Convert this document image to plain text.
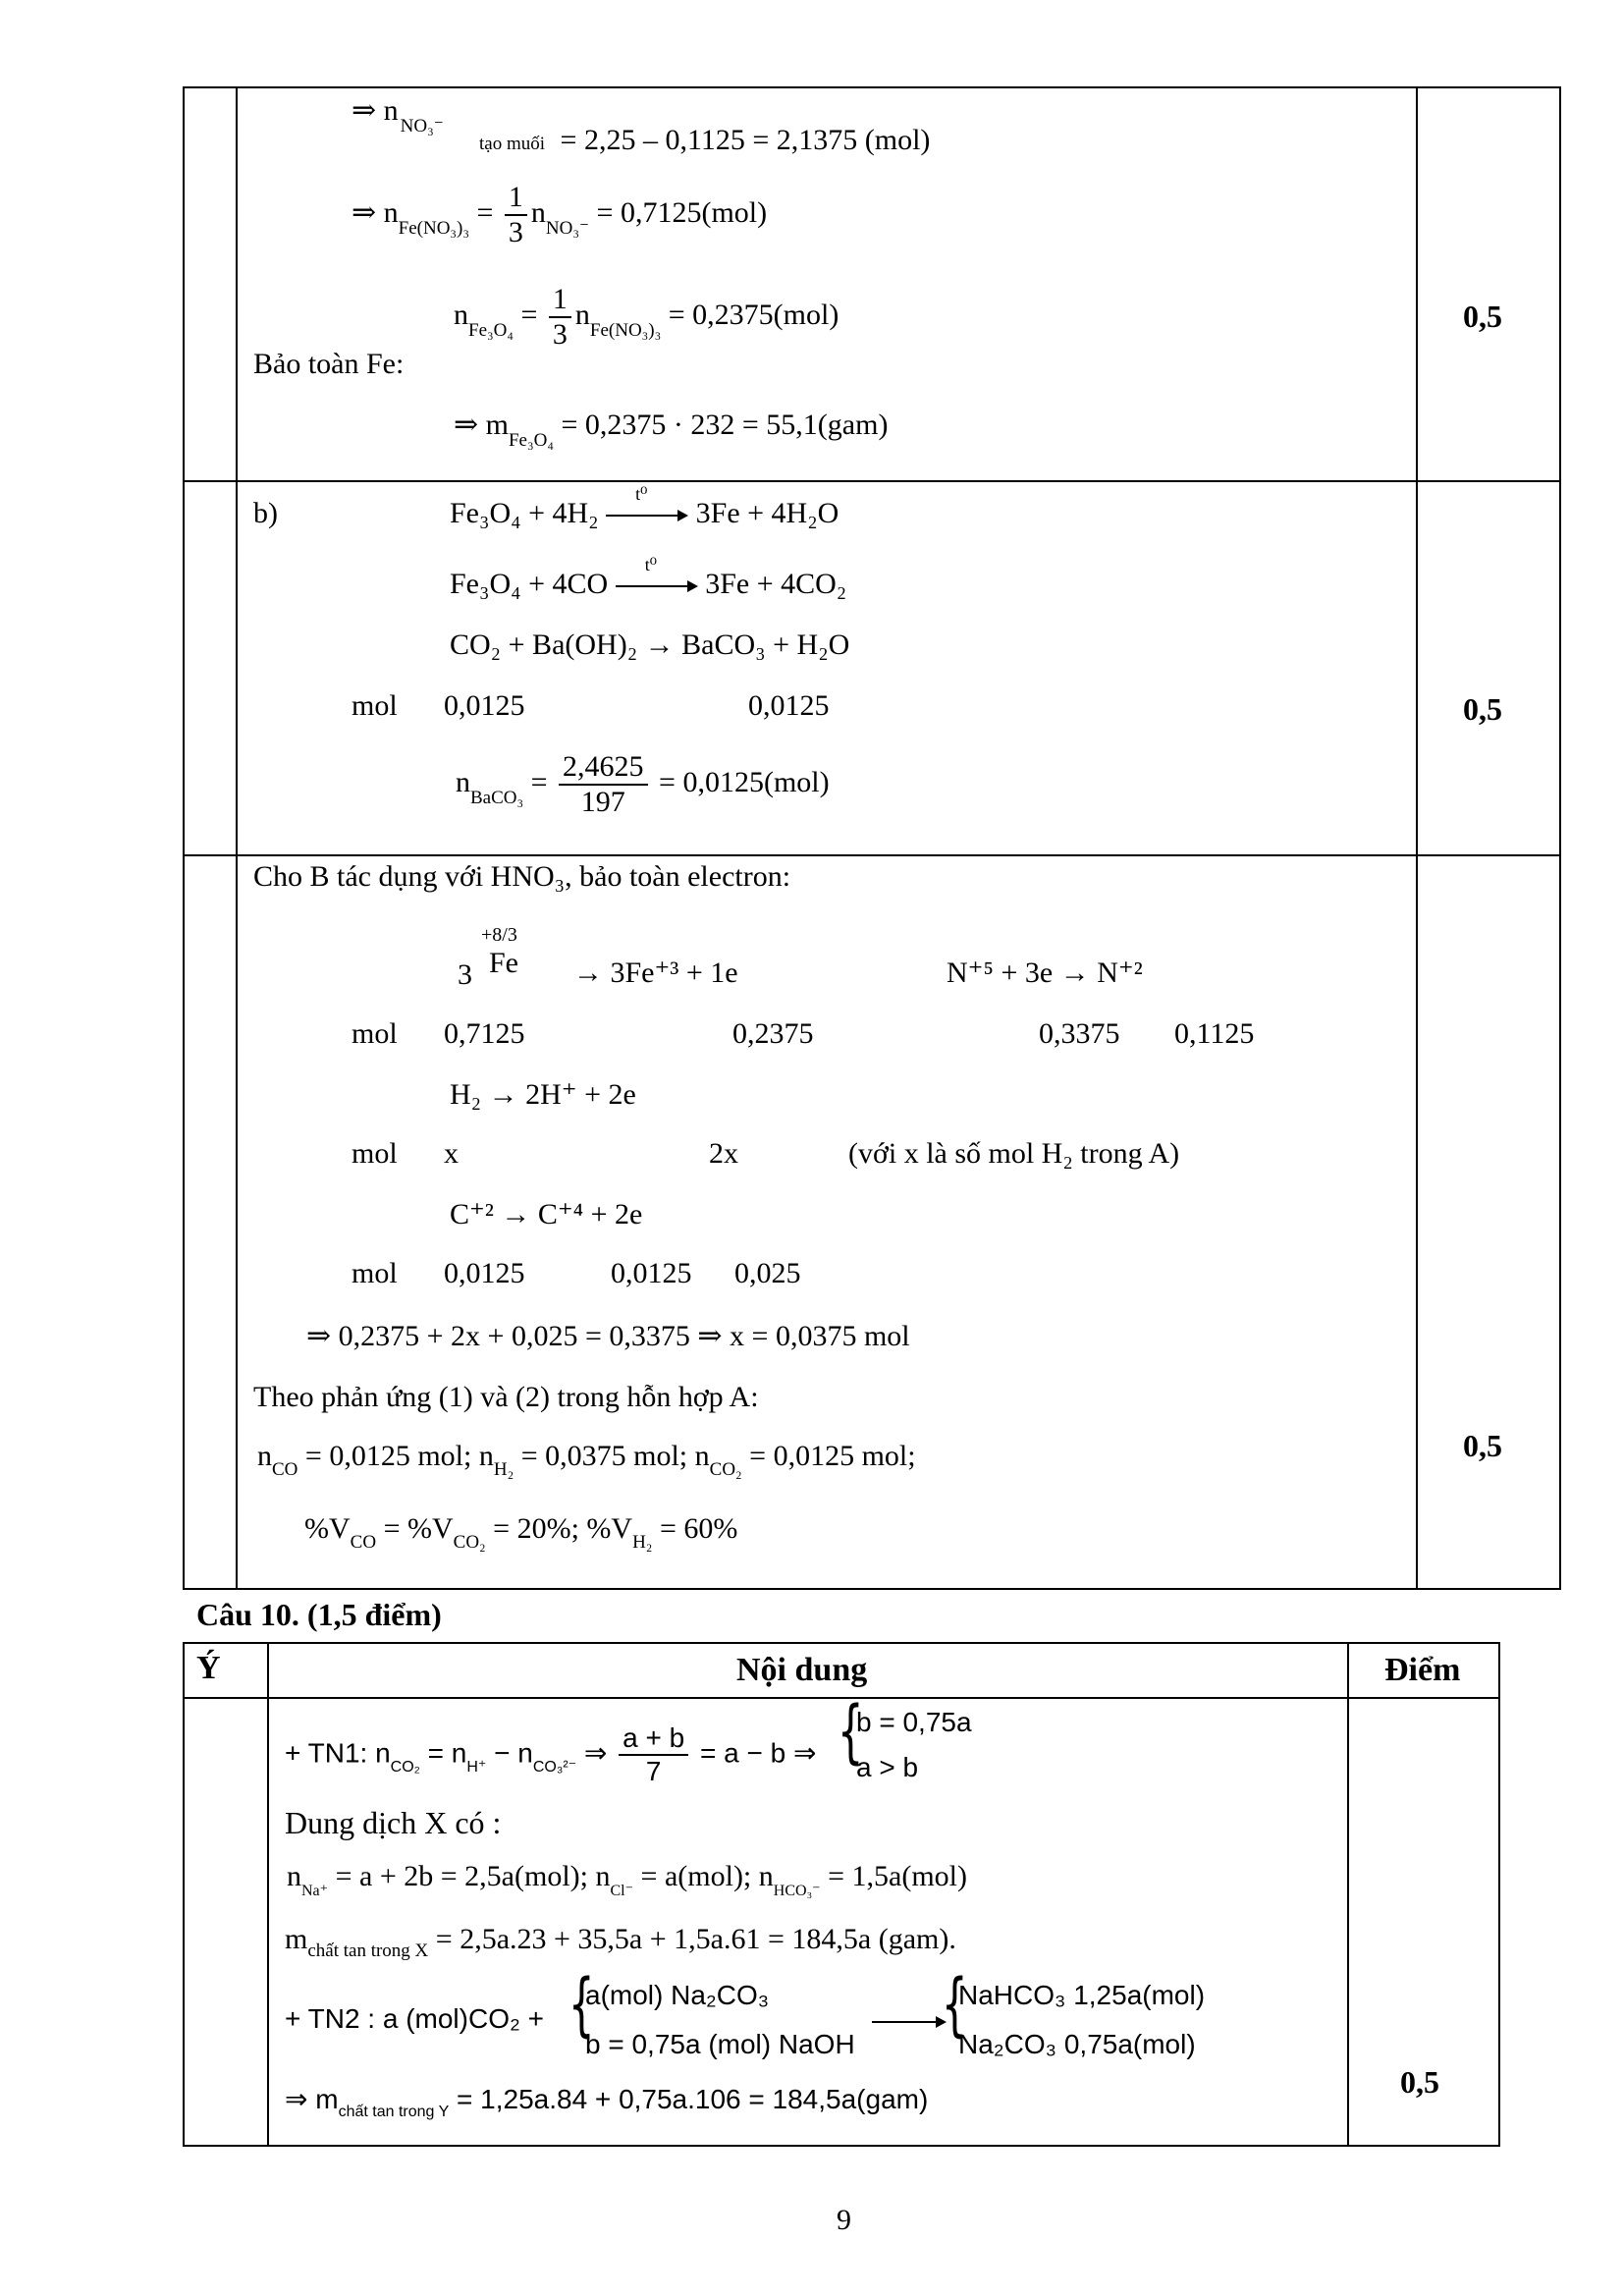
⇒ n $_{NO_3^-}$
tạo muối = 2,25 – 0,1125 = 2,1375 (mol)
⇒ $n_{Fe(NO_3)_3} = \frac{1}{3} n_{NO_3^-} = 0,7125(mol)$
Bảo toàn Fe:
$n_{Fe_3O_4} = \frac{1}{3} n_{Fe(NO_3)_3} = 0,2375(mol)$
⇒ $m_{Fe_3O_4} = 0,2375 \cdot 232 = 55,1(gam)$
0,5
b)	Fe₃O₄ + 4H₂
t⁰
3Fe + 4H₂O
Fe₃O₄ + 4CO
t⁰
3Fe + 4CO₂
CO₂ + Ba(OH)₂ → BaCO₃ + H₂O
mol 0,0125	0,0125
$n_{BaCO_3} = \frac{2,4625}{197} = 0,0125(mol)$
0,5
Cho B tác dụng với HNO₃, bảo toàn electron:
+8/3
3 Fe → 3Fe⁺³ + 1e	N⁺⁵ + 3e → N⁺²
mol 0,7125	0,2375	0,3375 0,1125
H₂ → 2H⁺ + 2e
mol x	2x	(với x là số mol H₂ trong A)
C⁺² → C⁺⁴ + 2e
mol 0,0125	0,0125 0,025
⇒ 0,2375 + 2x + 0,025 = 0,3375 ⇒ x = 0,0375 mol
Theo phản ứng (1) và (2) trong hỗn hợp A:
$n_{CO} = 0,0125$ mol; $n_{H_2} = 0,0375$ mol; $n_{CO_2} = 0,0125$ mol;
$\%V_{CO} = \%V_{CO_2} = 20\%$; $\%V_{H_2} = 60\%$
0,5
Câu 10. (1,5 điểm)
Ý	Nội dung	Điểm
+ TN1: $n_{CO_2} = n_{H^+} - n_{CO_3^{2-}}$ ⇒ $\frac{a + b}{7} = a - b$ ⇒ {
b = 0,75a
a > b
Dung dịch X có :
$n_{Na^+} = a + 2b = 2,5a(mol)$; $n_{Cl^-} = a(mol)$; $n_{HCO_3^-} = 1,5a(mol)$
$m_{chất tan trong X} = 2,5a.23 + 35,5a + 1,5a.61 = 184,5a$ (gam).
+ TN2 : a (mol)CO₂ + {
a(mol) Na₂CO₃
b = 0,75a (mol) NaOH {
NaHCO₃ 1,25a(mol)
Na₂CO₃ 0,75a(mol)
⇒ $m_{chất tan trong Y} = 1,25a.84 + 0,75a.106 = 184,5a(gam)$	0,5
9
